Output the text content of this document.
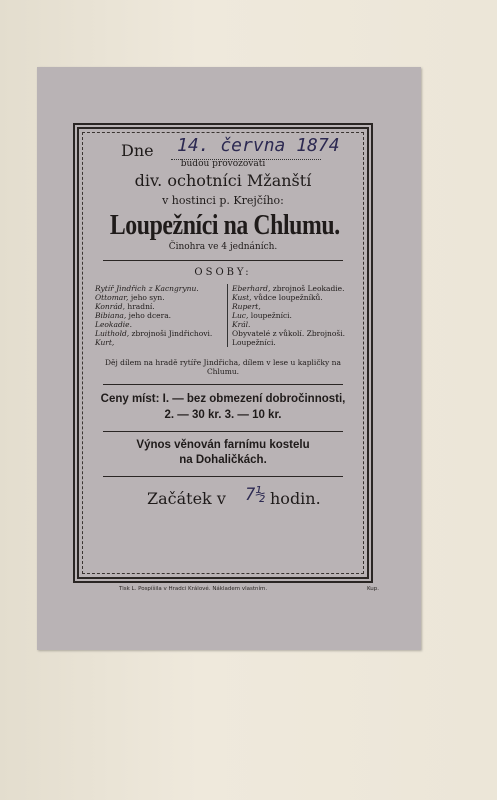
Dne 14. června 1874
budou provozovati
div. ochotníci Mžanští
v hostinci p. Krejčího:
Loupežníci na Chlumu.
Činohra ve 4 jednáních.
OSOBY:
Rytíř Jindřich z Kacngrynu.
Ottomar, jeho syn.
Konrád, hradní.
Bibiana, jeho dcera.
Leokadie.
Luithold, zbrojnoši Jindřichovi.
Kurt,
Eberhard, zbrojnoš Leokadie.
Kust, vůdce loupežníků.
Rupert,
Luc, loupežníci.
Král.
Obyvatelé z vůkolí. Zbrojnoši. Loupežníci.
Děj dílem na hradě rytíře Jindřicha, dílem v lese u kapličky na Chlumu.
Ceny míst: I. — bez obmezení dobročinnosti,
2. — 30 kr. 3. — 10 kr.
Výnos věnován farnímu kostelu
na Dohaličkách.
Začátek v 7½ hodin.
Tisk L. Pospíšila v Hradci Králové. Nákladem vlastním.	Kup.
